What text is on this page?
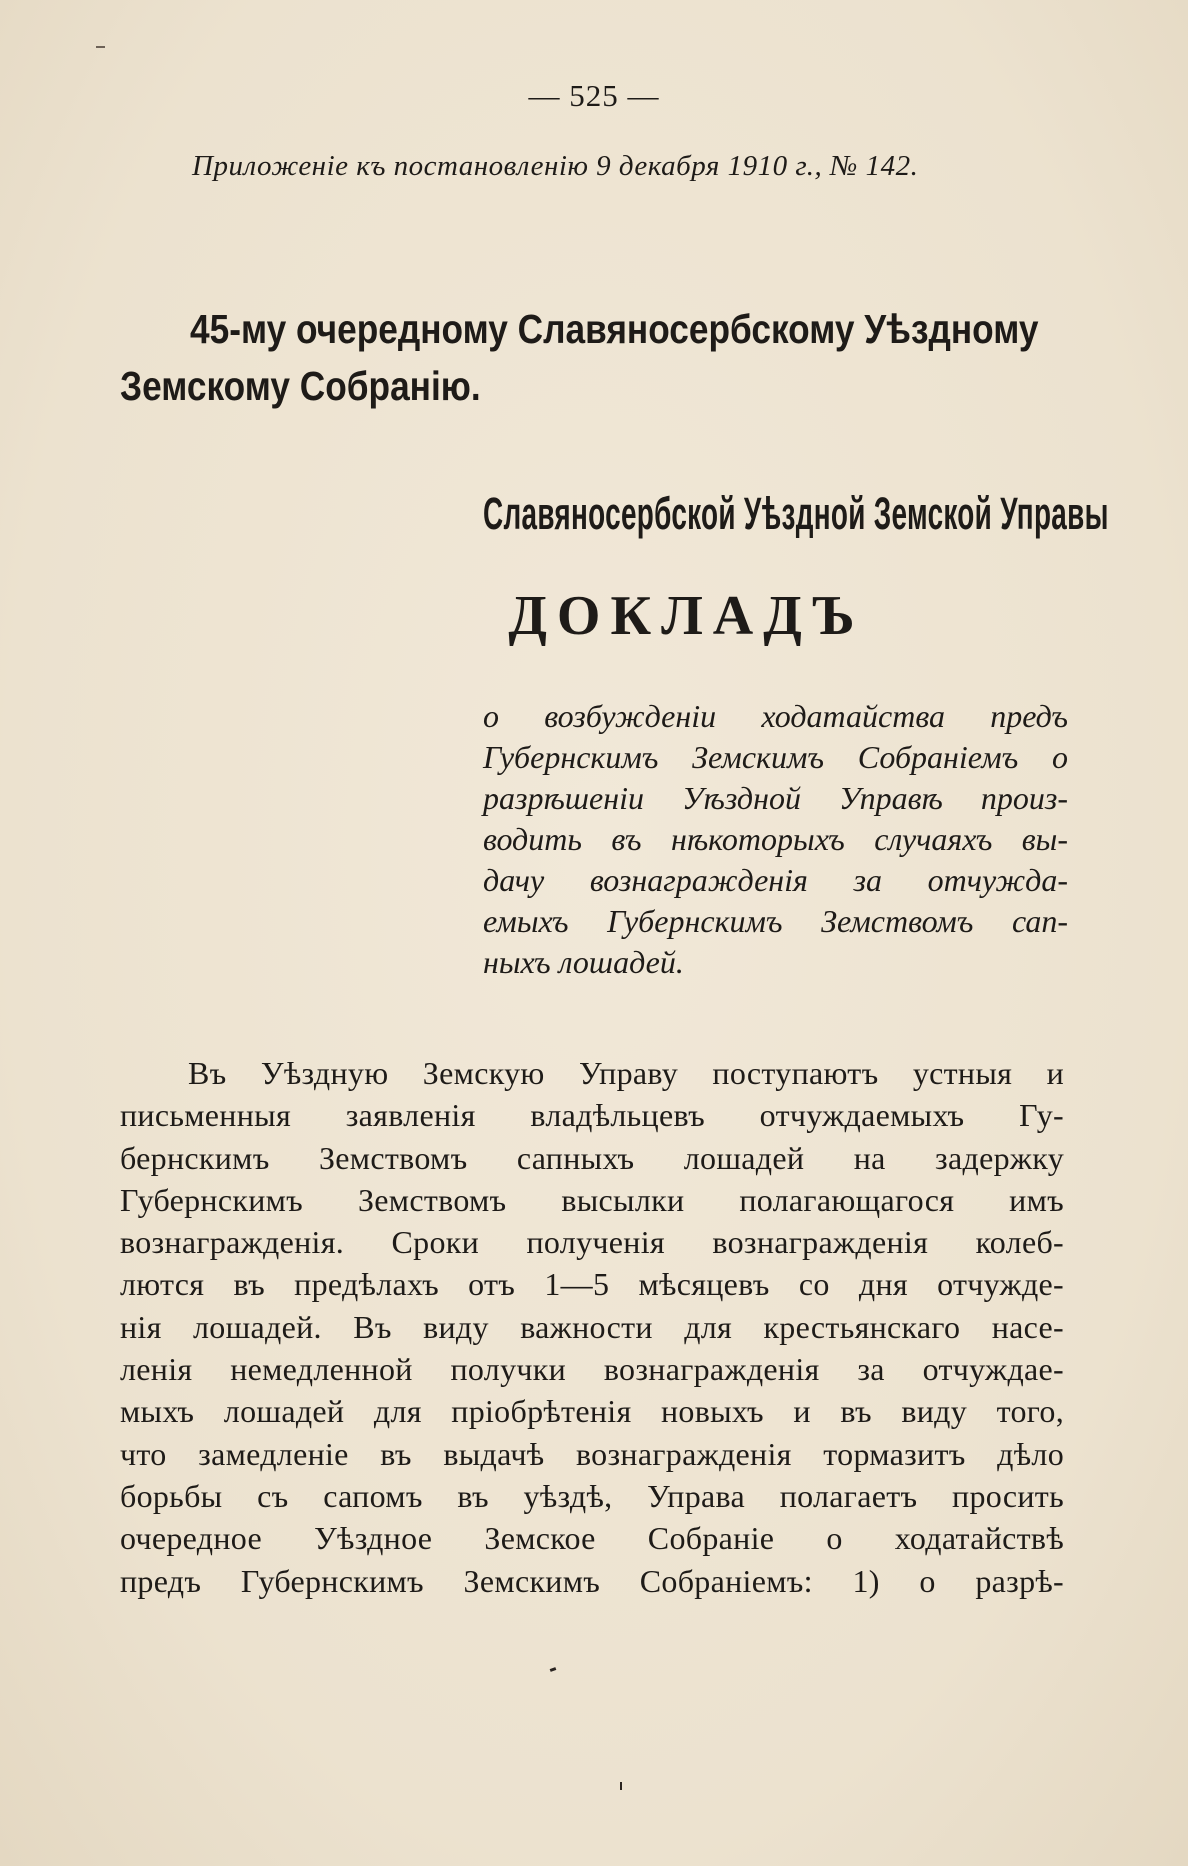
— 525 —
Приложеніе къ постановленію 9 декабря 1910 г., № 142.
45-му очередному Славяносербскому Уѣздному
Земскому Собранію.
Славяносербской Уѣздной Земской Управы
ДОКЛАДЪ
о возбужденіи ходатайства предъ
Губернскимъ Земскимъ Собраніемъ о
разрѣшеніи Уѣздной Управѣ произ-
водить въ нѣкоторыхъ случаяхъ вы-
дачу вознагражденія за отчужда-
емыхъ Губернскимъ Земствомъ сап-
ныхъ лошадей.
Въ Уѣздную Земскую Управу поступаютъ устныя и
письменныя заявленія владѣльцевъ отчуждаемыхъ Гу-
бернскимъ Земствомъ сапныхъ лошадей на задержку
Губернскимъ Земствомъ высылки полагающагося имъ
вознагражденія. Сроки полученія вознагражденія колеб-
лются въ предѣлахъ отъ 1—5 мѣсяцевъ со дня отчужде-
нія лошадей. Въ виду важности для крестьянскаго насе-
ленія немедленной получки вознагражденія за отчуждае-
мыхъ лошадей для пріобрѣтенія новыхъ и въ виду того,
что замедленіе въ выдачѣ вознагражденія тормазитъ дѣло
борьбы съ сапомъ въ уѣздѣ, Управа полагаетъ просить
очередное Уѣздное Земское Собраніе о ходатайствѣ
предъ Губернскимъ Земскимъ Собраніемъ: 1) о разрѣ-
